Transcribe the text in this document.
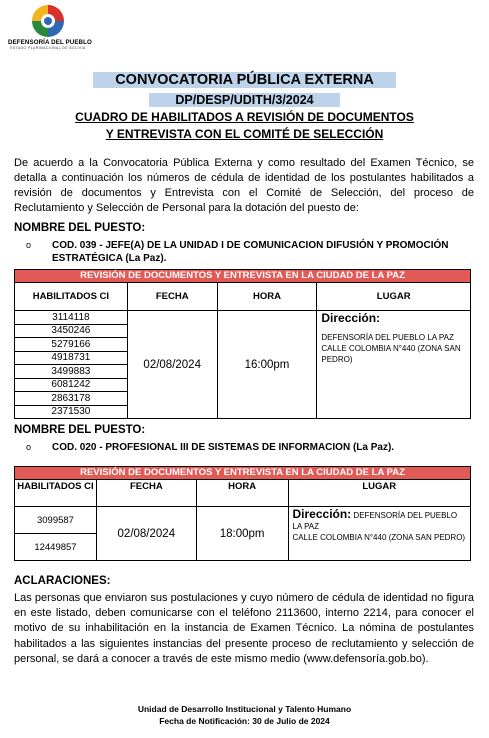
DEFENSORÍA DEL PUEBLO
ESTADO PLURINACIONAL DE BOLIVIA
CONVOCATORIA PÚBLICA EXTERNA
DP/DESP/UDITH/3/2024
CUADRO DE HABILITADOS A REVISIÓN DE DOCUMENTOS
Y ENTREVISTA CON EL COMITÉ DE SELECCIÓN
De acuerdo a la Convocatoria Pública Externa y como resultado del Examen Técnico, se detalla a continuación los números de cédula de identidad de los postulantes habilitados a revisión de documentos y Entrevista con el Comité de Selección, del proceso de Reclutamiento y Selección de Personal para la dotación del puesto de:
NOMBRE DEL PUESTO:
o COD. 039 - JEFE(A) DE LA UNIDAD I DE COMUNICACION DIFUSIÓN Y PROMOCIÓN ESTRATÉGICA (La Paz).
REVISIÓN DE DOCUMENTOS Y ENTREVISTA EN LA CIUDAD DE LA PAZ			
HABILITADOS CI	FECHA	HORA	LUGAR
3114118	02/08/2024	16:00pm	Dirección:
DEFENSORÍA DEL PUEBLO LA PAZ
CALLE COLOMBIA N°440 (ZONA SAN PEDRO)

3450246			
5279166			
4918731			
3499883			
6081242			
2863178			
2371530			
NOMBRE DEL PUESTO:
o COD. 020 - PROFESIONAL III DE SISTEMAS DE INFORMACION (La Paz).
REVISIÓN DE DOCUMENTOS Y ENTREVISTA EN LA CIUDAD DE LA PAZ			
HABILITADOS CI	FECHA	HORA	LUGAR
3099587	02/08/2024	18:00pm	Dirección: DEFENSORÍA DEL PUEBLO LA PAZ
CALLE COLOMBIA N°440 (ZONA SAN PEDRO)

12449857			
ACLARACIONES:
Las personas que enviaron sus postulaciones y cuyo número de cédula de identidad no figura en este listado, deben comunicarse con el teléfono 2113600, interno 2214, para conocer el motivo de su inhabilitación en la instancia de Examen Técnico. La nómina de postulantes habilitados a las siguientes instancias del presente proceso de reclutamiento y selección de personal, se dará a conocer a través de este mismo medio (www.defensoría.gob.bo).
Unidad de Desarrollo Institucional y Talento Humano
Fecha de Notificación: 30 de Julio de 2024
